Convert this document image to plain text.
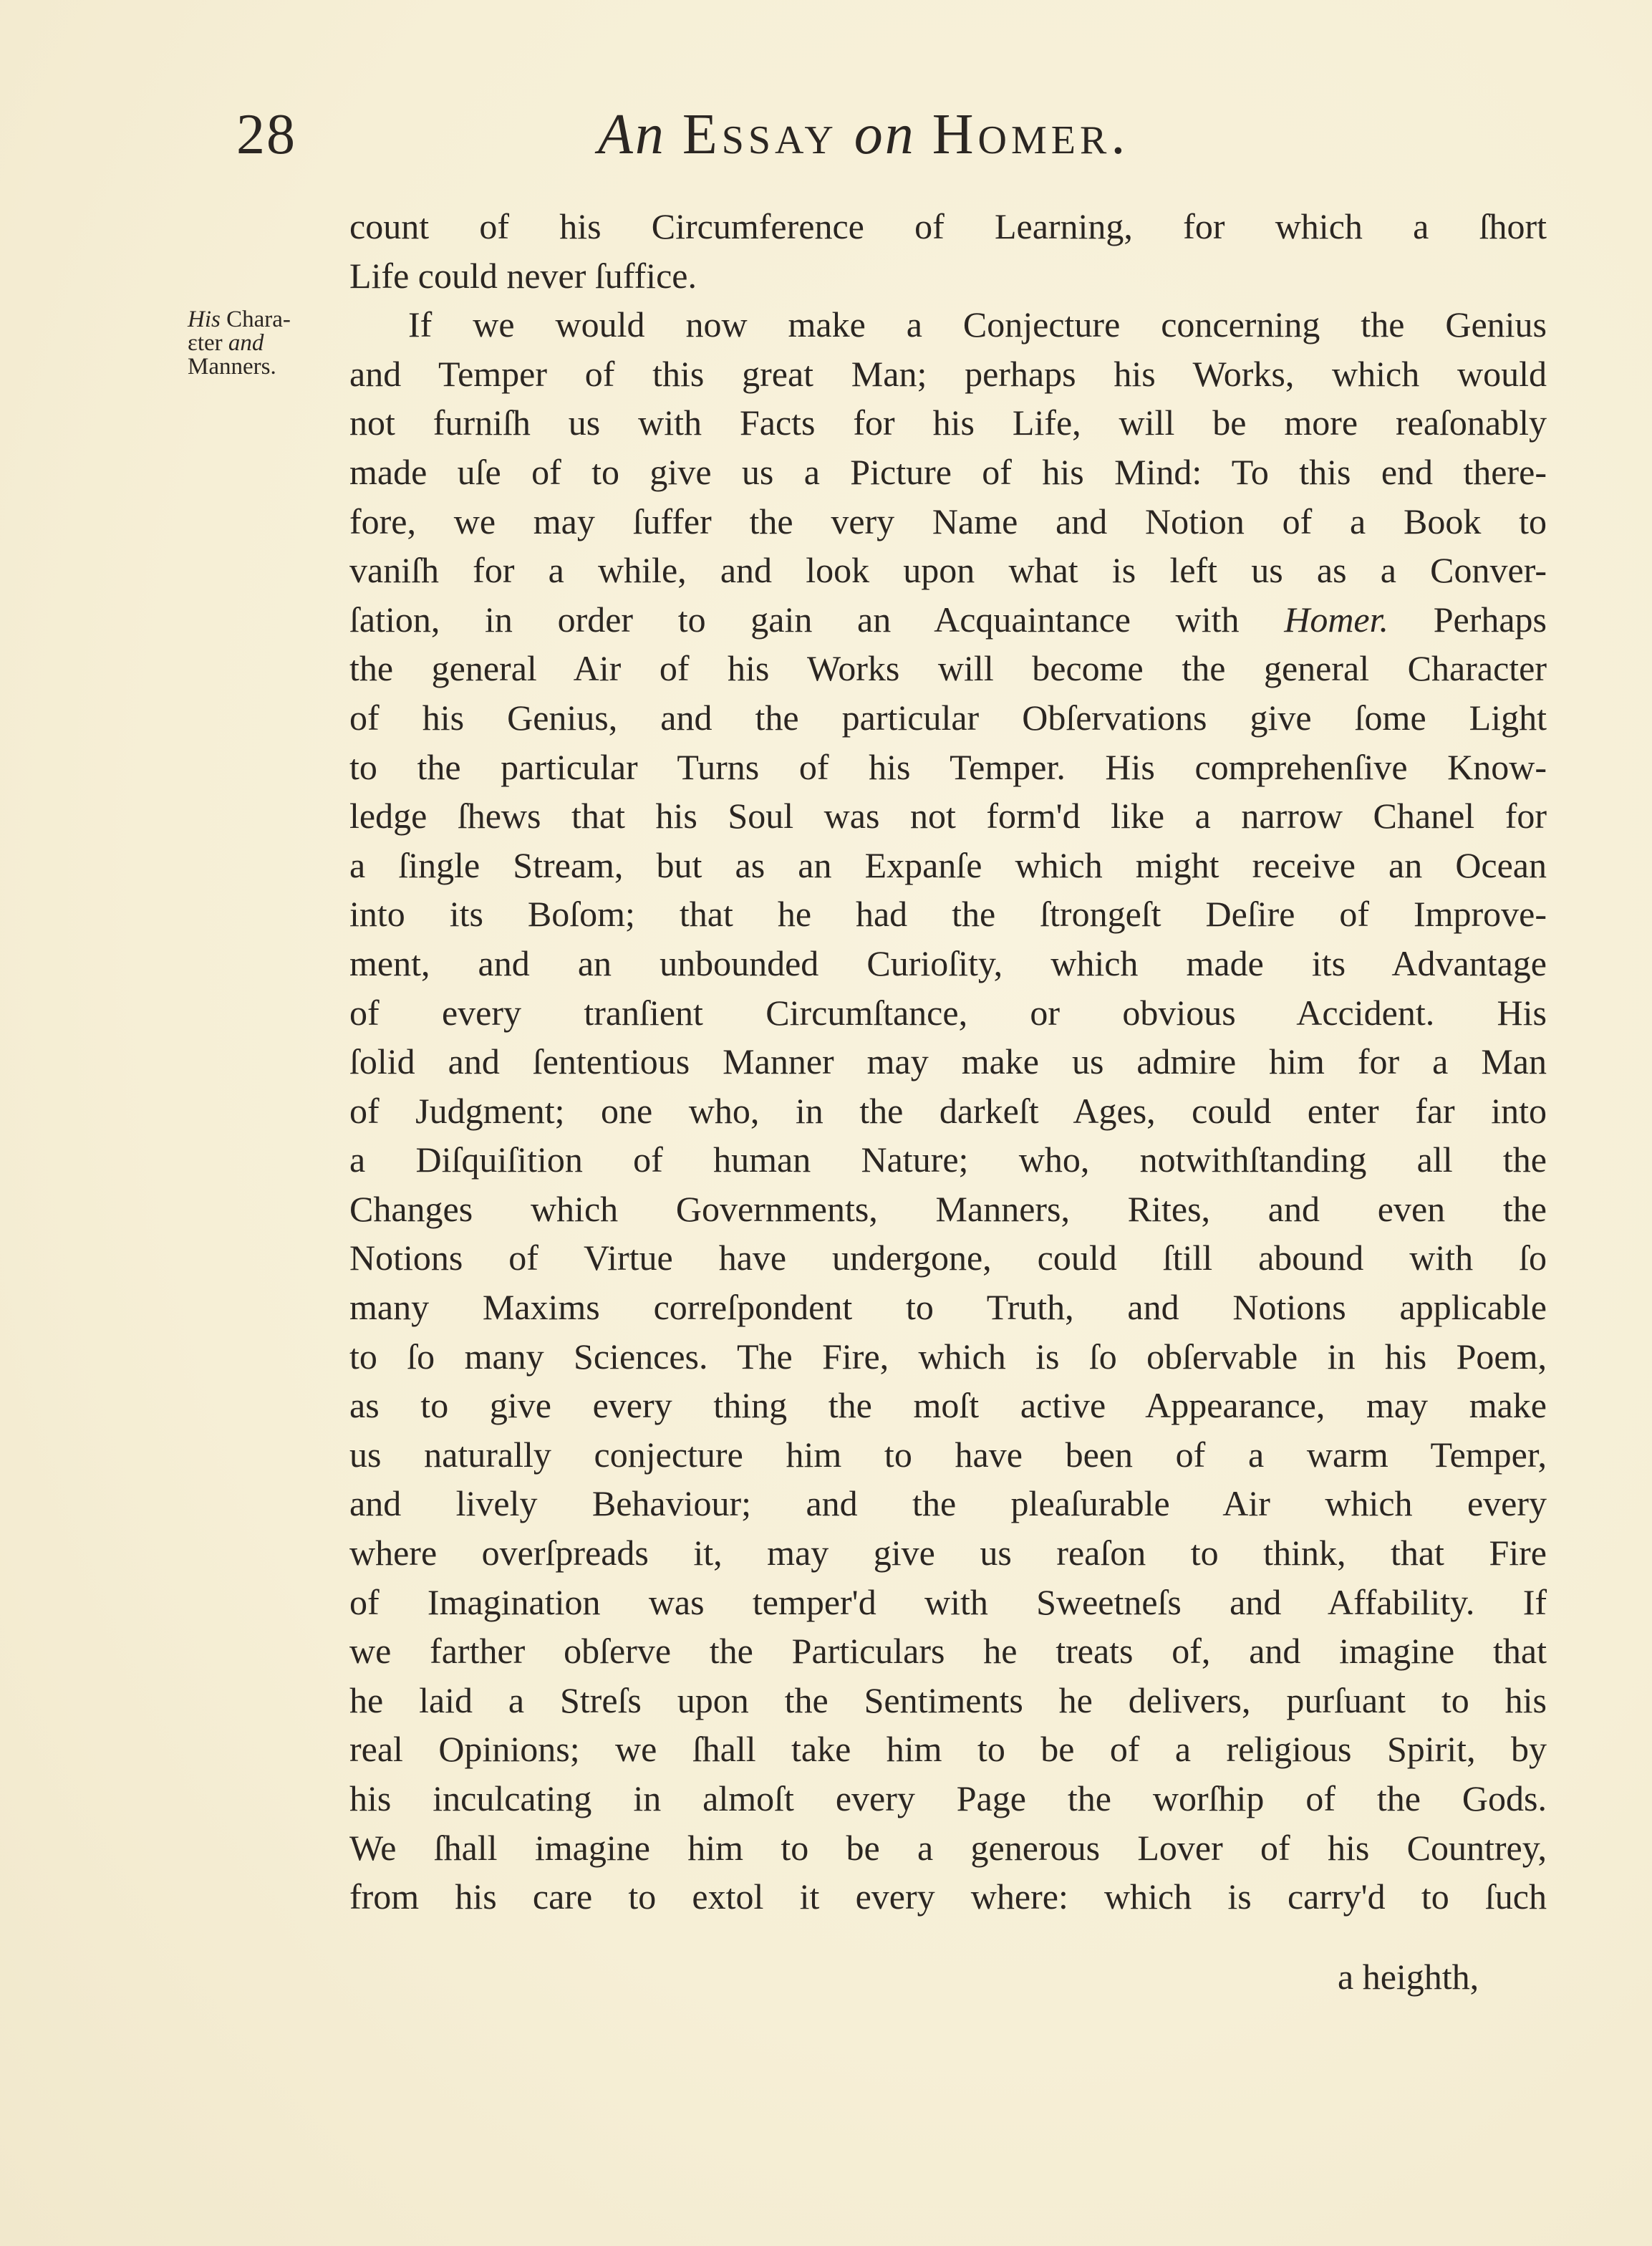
28	An Essay on Homer.
His Chara-
ɛter and
Manners.
count of his Circumference of Learning, for which a ſhort
Life could never ſuffice.
If we would now make a Conjecture concerning the Genius
and Temper of this great Man; perhaps his Works, which would
not furniſh us with Facts for his Life, will be more reaſonably
made uſe of to give us a Picture of his Mind: To this end there-
fore, we may ſuffer the very Name and Notion of a Book to
vaniſh for a while, and look upon what is left us as a Conver-
ſation, in order to gain an Acquaintance with Homer. Perhaps
the general Air of his Works will become the general Character
of his Genius, and the particular Obſervations give ſome Light
to the particular Turns of his Temper. His comprehenſive Know-
ledge ſhews that his Soul was not form'd like a narrow Chanel for
a ſingle Stream, but as an Expanſe which might receive an Ocean
into its Boſom; that he had the ſtrongeſt Deſire of Improve-
ment, and an unbounded Curioſity, which made its Advantage
of every tranſient Circumſtance, or obvious Accident. His
ſolid and ſententious Manner may make us admire him for a Man
of Judgment; one who, in the darkeſt Ages, could enter far into
a Diſquiſition of human Nature; who, notwithſtanding all the
Changes which Governments, Manners, Rites, and even the
Notions of Virtue have undergone, could ſtill abound with ſo
many Maxims correſpondent to Truth, and Notions applicable
to ſo many Sciences. The Fire, which is ſo obſervable in his Poem,
as to give every thing the moſt active Appearance, may make
us naturally conjecture him to have been of a warm Temper,
and lively Behaviour; and the pleaſurable Air which every
where overſpreads it, may give us reaſon to think, that Fire
of Imagination was temper'd with Sweetneſs and Affability. If
we farther obſerve the Particulars he treats of, and imagine that
he laid a Streſs upon the Sentiments he delivers, purſuant to his
real Opinions; we ſhall take him to be of a religious Spirit, by
his inculcating in almoſt every Page the worſhip of the Gods.
We ſhall imagine him to be a generous Lover of his Countrey,
from his care to extol it every where: which is carry'd to ſuch
a heighth,
